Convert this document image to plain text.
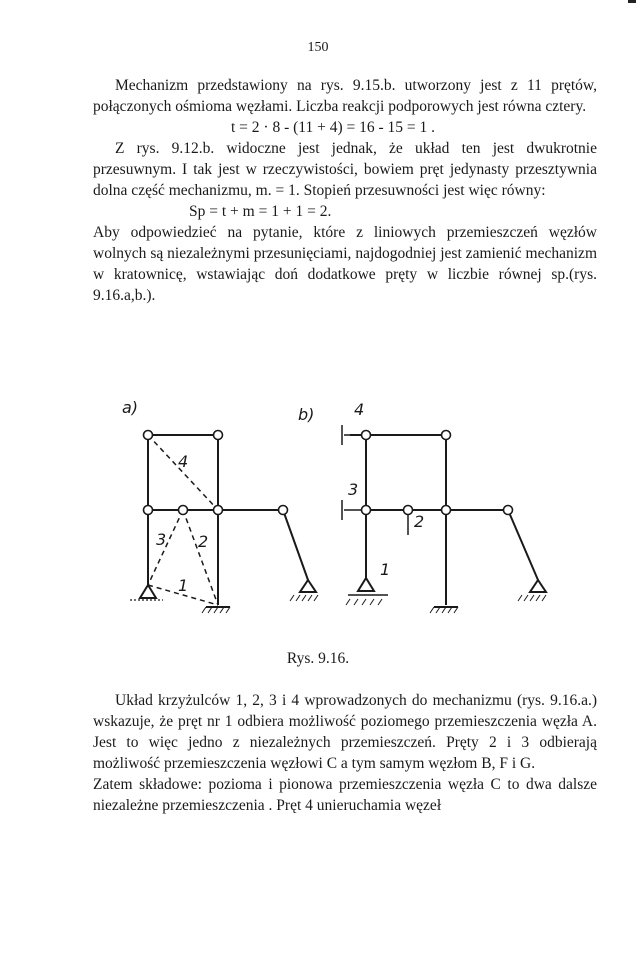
150

Mechanizm przedstawiony na rys. 9.15.b. utworzony jest z 11 prętów, połączonych ośmioma węzłami. Liczba reakcji podporowych jest równa cztery.

t = 2 · 8 - (11 + 4) = 16 - 15 = 1 .

Z rys. 9.12.b. widoczne jest jednak, że układ ten jest dwukrotnie przesuwnym. I tak jest w rzeczywistości, bowiem pręt jedynasty przesztywnia dolna część mechanizmu, m. = 1. Stopień przesuwności jest więc równy:

Sp = t + m = 1 + 1 = 2.

Aby odpowiedzieć na pytanie, które z liniowych przemieszczeń węzłów wolnych są niezależnymi przesunięciami, najdogodniej jest zamienić mechanizm w kratownicę, wstawiając doń dodatkowe pręty w liczbie równej sp.(rys. 9.16.a,b.).

a)	b)
4
3 2
1
4
3
2
1
Rys. 9.16.

Układ krzyżulców 1, 2, 3 i 4 wprowadzonych do mechanizmu (rys. 9.16.a.) wskazuje, że pręt nr 1 odbiera możliwość poziomego przemieszczenia węzła A. Jest to więc jedno z niezależnych przemieszczeń. Pręty 2 i 3 odbierają możliwość przemieszczenia węzłowi C a tym samym węzłom B, F i G.

Zatem składowe: pozioma i pionowa przemieszczenia węzła C to dwa dalsze niezależne przemieszczenia . Pręt 4 unieruchamia węzeł
